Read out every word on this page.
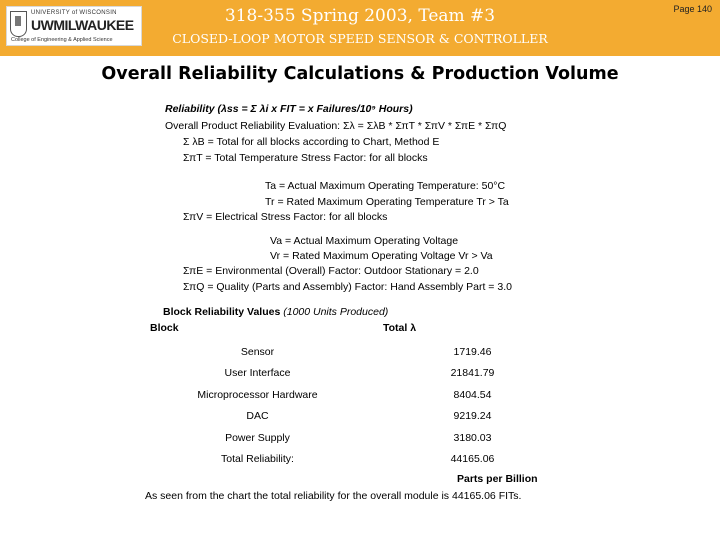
UNIVERSITY of WISCONSIN
UWMILWAUKEE
College of Engineering & Applied Science
318-355 Spring 2003, Team #3
CLOSED-LOOP MOTOR SPEED SENSOR & CONTROLLER
Page 140
Overall Reliability Calculations & Production Volume
Reliability (λss = Σ λi x FIT = x Failures/10⁹ Hours)
Overall Product Reliability Evaluation: Σλ = ΣλB * ΣπT * ΣπV * ΣπE * ΣπQ
Σ λB = Total for all blocks according to Chart, Method E
ΣπT = Total Temperature Stress Factor: for all blocks
Ta = Actual Maximum Operating Temperature: 50°C
Tr = Rated Maximum Operating Temperature Tr > Ta
ΣπV = Electrical Stress Factor: for all blocks
Va = Actual Maximum Operating Voltage
Vr = Rated Maximum Operating Voltage Vr > Va
ΣπE = Environmental (Overall) Factor: Outdoor Stationary = 2.0
ΣπQ = Quality (Parts and Assembly) Factor: Hand Assembly Part = 3.0
Block Reliability Values (1000 Units Produced)
Block	Total λ
Sensor	1719.46
User Interface	21841.79
Microprocessor Hardware	8404.54
DAC	9219.24
Power Supply	3180.03
Total Reliability:	44165.06
Parts per Billion
As seen from the chart the total reliability for the overall module is 44165.06 FITs.
